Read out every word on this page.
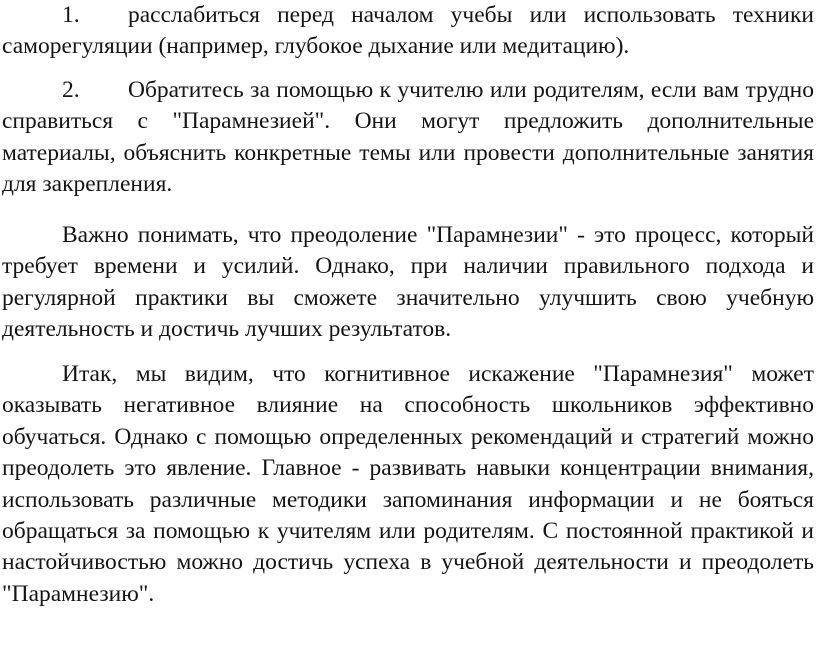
1. расслабиться перед началом учебы или использовать техники саморегуляции (например, глубокое дыхание или медитацию).

2. Обратитесь за помощью к учителю или родителям, если вам трудно справиться с "Парамнезией". Они могут предложить дополнительные материалы, объяснить конкретные темы или провести дополнительные занятия для закрепления.

Важно понимать, что преодоление "Парамнезии" - это процесс, который требует времени и усилий. Однако, при наличии правильного подхода и регулярной практики вы сможете значительно улучшить свою учебную деятельность и достичь лучших результатов.

Итак, мы видим, что когнитивное искажение "Парамнезия" может оказывать негативное влияние на способность школьников эффективно обучаться. Однако с помощью определенных рекомендаций и стратегий можно преодолеть это явление. Главное - развивать навыки концентрации внимания, использовать различные методики запоминания информации и не бояться обращаться за помощью к учителям или родителям. С постоянной практикой и настойчивостью можно достичь успеха в учебной деятельности и преодолеть "Парамнезию".
